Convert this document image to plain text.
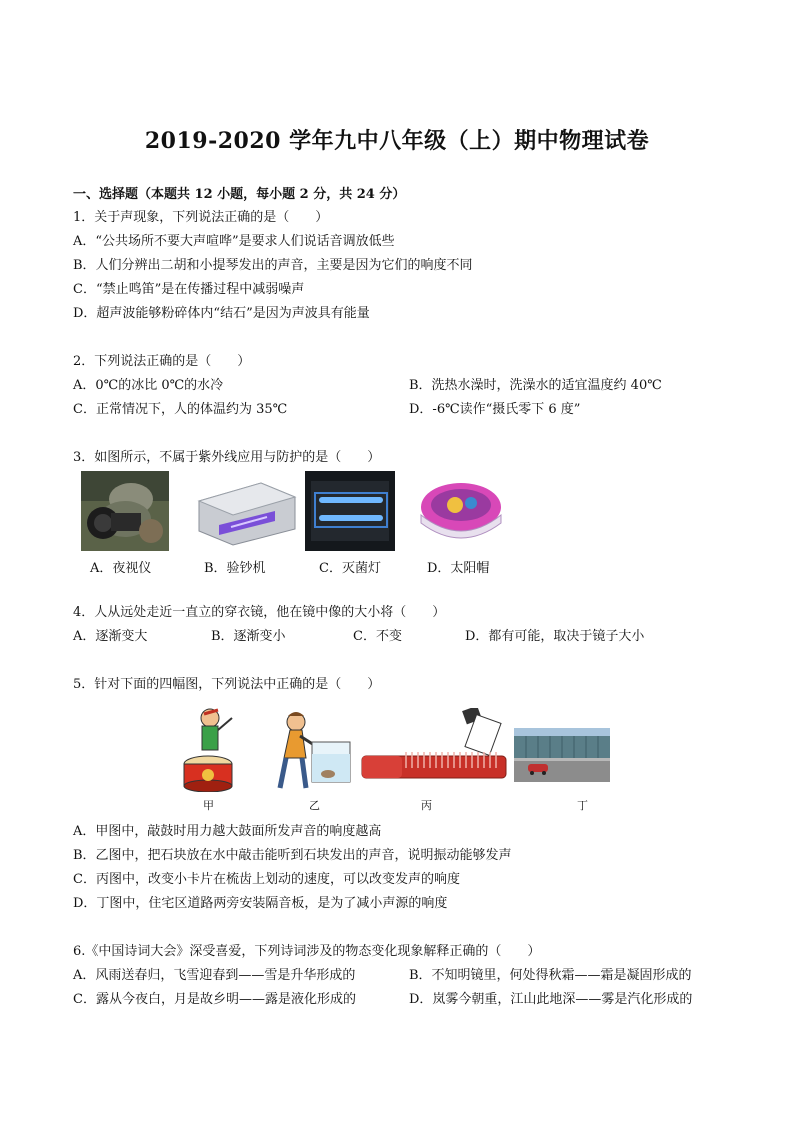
2019-2020 学年九中八年级（上）期中物理试卷
一、选择题（本题共 12 小题，每小题 2 分，共 24 分）
1．关于声现象，下列说法正确的是（　　）
A．“公共场所不要大声喧哗”是要求人们说话音调放低些
B．人们分辨出二胡和小提琴发出的声音，主要是因为它们的响度不同
C．“禁止鸣笛”是在传播过程中减弱噪声
D．超声波能够粉碎体内“结石”是因为声波具有能量
2．下列说法正确的是（　　）
A．0℃的冰比 0℃的水冷	B．洗热水澡时，洗澡水的适宜温度约 40℃
C．正常情况下，人的体温约为 35℃	D．-6℃读作“摄氏零下 6 度”
3．如图所示，不属于紫外线应用与防护的是（　　）
A．夜视仪	B．验钞机	C．灭菌灯	D．太阳帽
4．人从远处走近一直立的穿衣镜，他在镜中像的大小将（　　）
A．逐渐变大	B．逐渐变小	C．不变	D．都有可能，取决于镜子大小
5．针对下面的四幅图，下列说法中正确的是（　　）
甲	乙	丙	丁
A．甲图中，敲鼓时用力越大鼓面所发声音的响度越高
B．乙图中，把石块放在水中敲击能听到石块发出的声音，说明振动能够发声
C．丙图中，改变小卡片在梳齿上划动的速度，可以改变发声的响度
D．丁图中，住宅区道路两旁安装隔音板，是为了减小声源的响度
6.《中国诗词大会》深受喜爱，下列诗词涉及的物态变化现象解释正确的（　　）
A．风雨送春归，飞雪迎春到——雪是升华形成的	B．不知明镜里，何处得秋霜——霜是凝固形成的
C．露从今夜白，月是故乡明——露是液化形成的	D．岚雾今朝重，江山此地深——雾是汽化形成的
